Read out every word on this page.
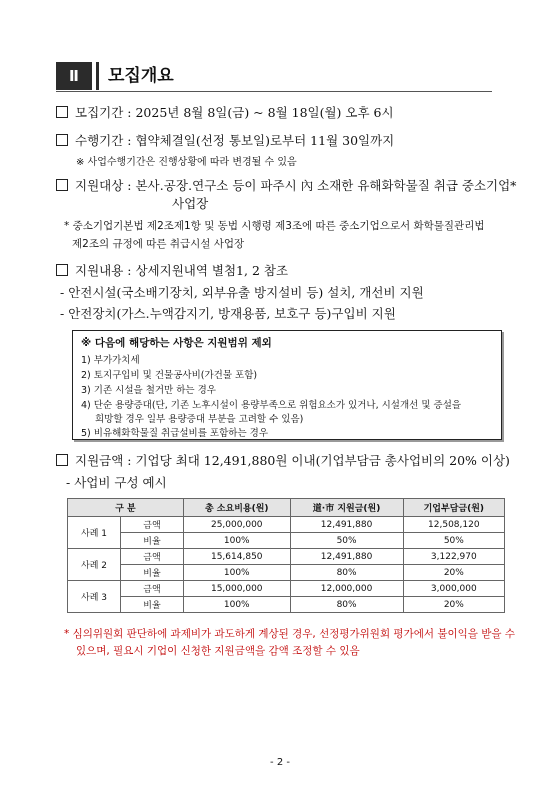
Ⅱ	모집개요
모집기간 : 2025년 8월 8일(금) ~ 8월 18일(월) 오후 6시
수행기간 : 협약체결일(선정 통보일)로부터 11월 30일까지
※ 사업수행기간은 진행상황에 따라 변경될 수 있음
지원대상 : 본사․공장․연구소 등이 파주시 內 소재한 유해화학물질 취급 중소기업*
사업장
* 중소기업기본법 제2조제1항 및 동법 시행령 제3조에 따른 중소기업으로서 화학물질관리법
제2조의 규정에 따른 취급시설 사업장
지원내용 : 상세지원내역 별첨1, 2 참조
- 안전시설(국소배기장치, 외부유출 방지설비 등) 설치, 개선비 지원
- 안전장치(가스․누액감지기, 방재용품, 보호구 등)구입비 지원
※ 다음에 해당하는 사항은 지원범위 제외
1) 부가가치세
2) 토지구입비 및 건물공사비(가건물 포함)
3) 기존 시설을 철거만 하는 경우
4) 단순 용량증대(단, 기존 노후시설이 용량부족으로 위험요소가 있거나, 시설개선 및 증설을
희망할 경우 일부 용량증대 부분을 고려할 수 있음)
5) 비유해화학물질 취급설비를 포함하는 경우
지원금액 : 기업당 최대 12,491,880원 이내(기업부담금 총사업비의 20% 이상)
- 사업비 구성 예시
구 분		총 소요비용(원)	道·市 지원금(원)	기업부담금(원)
사례 1	금액	25,000,000	12,491,880	12,508,120
	비율	100%	50%	50%
사례 2	금액	15,614,850	12,491,880	3,122,970
	비율	100%	80%	20%
사례 3	금액	15,000,000	12,000,000	3,000,000
	비율	100%	80%	20%
* 심의위원회 판단하에 과제비가 과도하게 계상된 경우, 선정평가위원회 평가에서 불이익을 받을 수
있으며, 필요시 기업이 신청한 지원금액을 감액 조정할 수 있음
- 2 -
